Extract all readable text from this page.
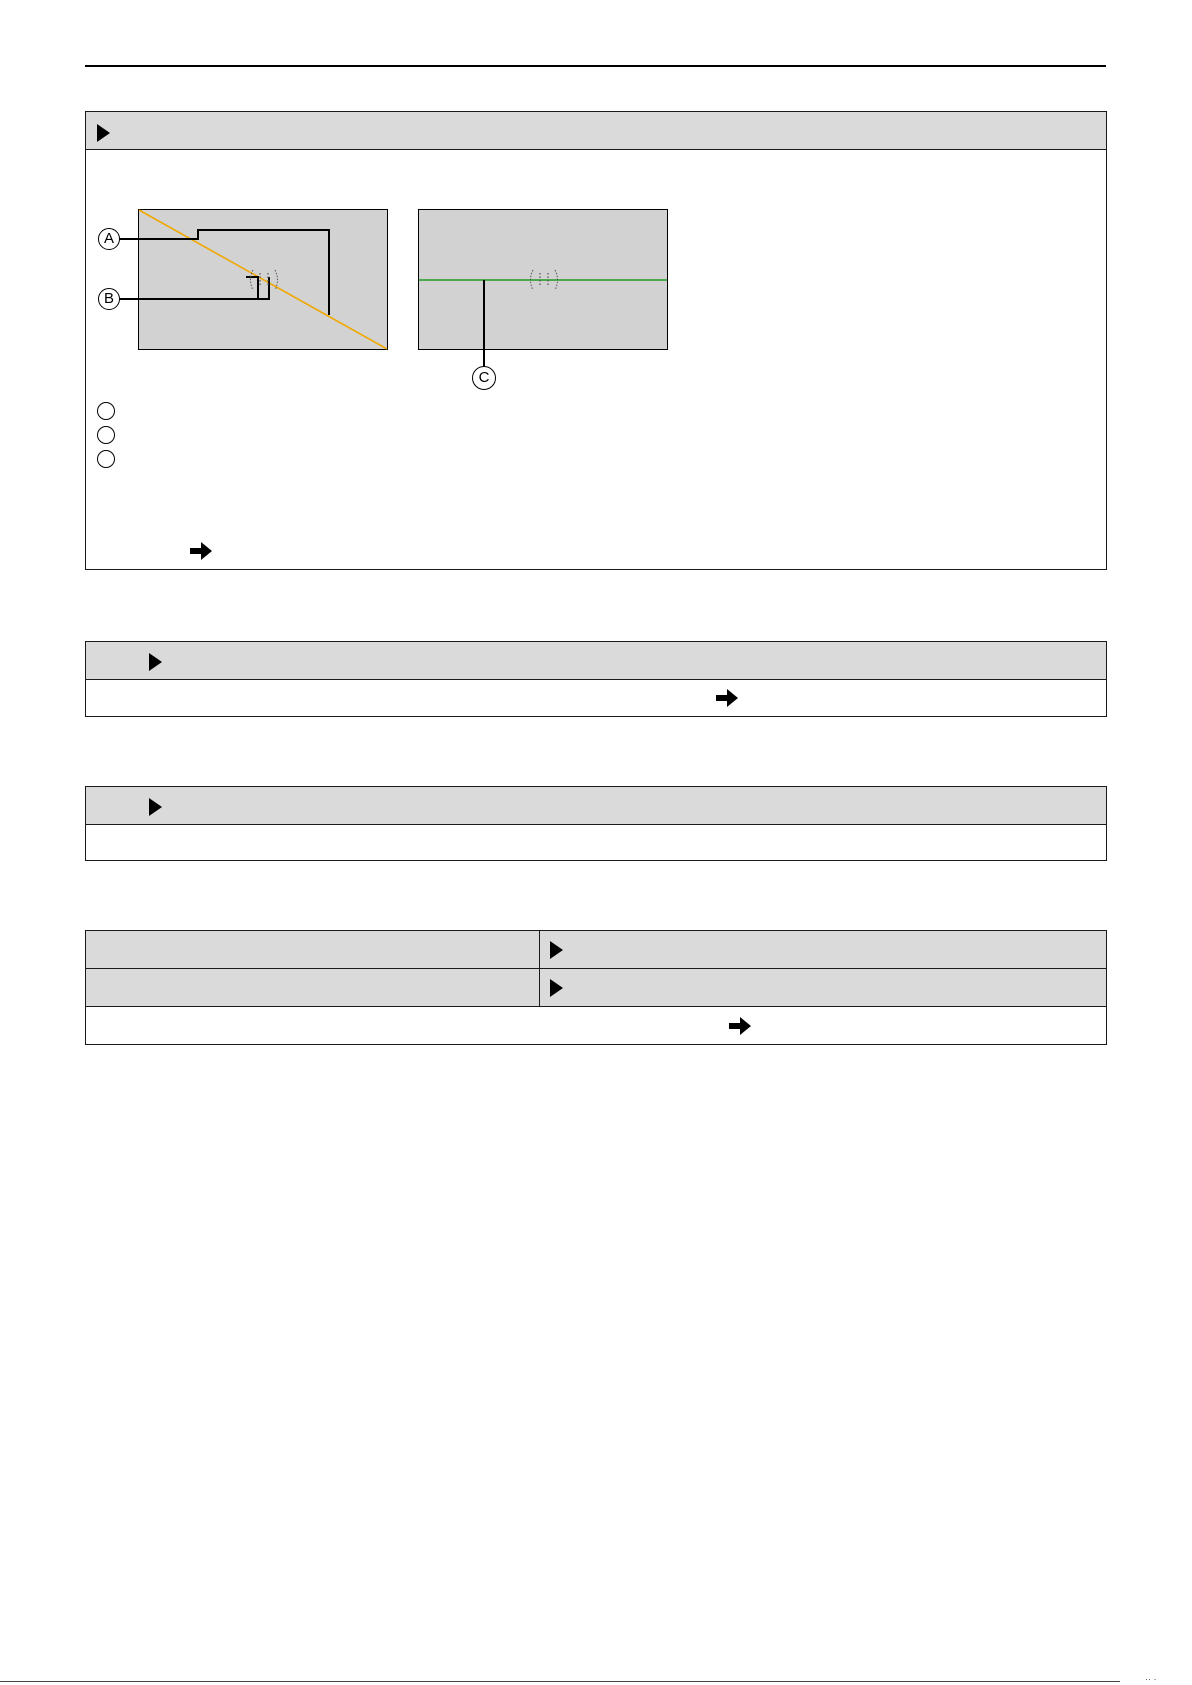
A
B
C
·· ·
